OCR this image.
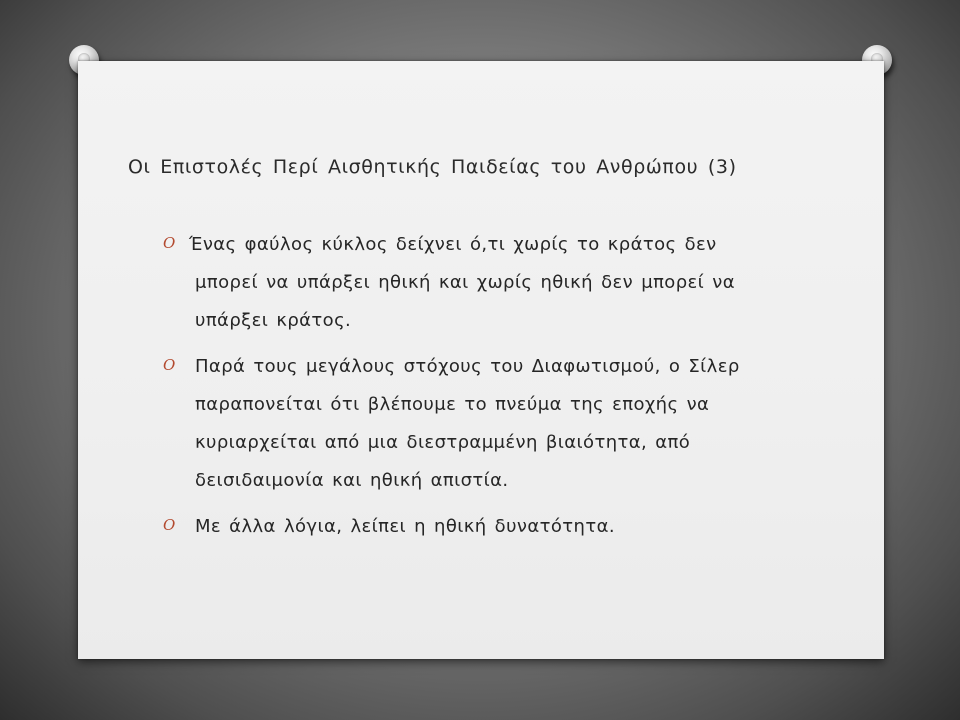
Οι Επιστολές Περί Αισθητικής Παιδείας του Ανθρώπου (3)
O Ένας φαύλος κύκλος δείχνει ό,τι χωρίς το κράτος δεν μπορεί να υπάρξει ηθική και χωρίς ηθική δεν μπορεί να υπάρξει κράτος.
O Παρά τους μεγάλους στόχους του Διαφωτισμού, ο Σίλερ παραπονείται ότι βλέπουμε το πνεύμα της εποχής να κυριαρχείται από μια διεστραμμένη βιαιότητα, από δεισιδαιμονία και ηθική απιστία.
O Με άλλα λόγια, λείπει η ηθική δυνατότητα.
